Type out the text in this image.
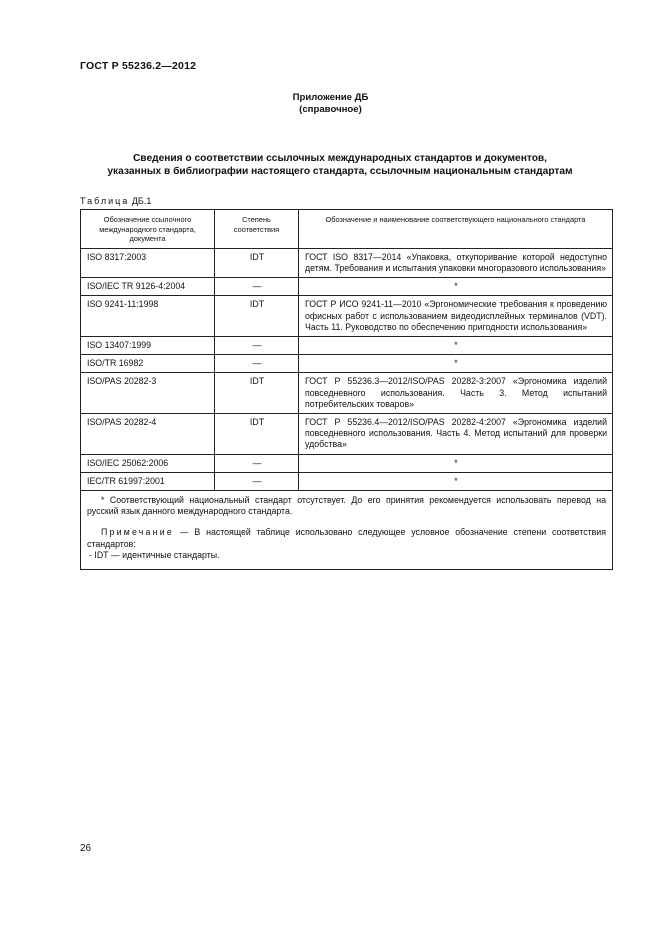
ГОСТ Р 55236.2—2012
Приложение ДБ
(справочное)
Сведения о соответствии ссылочных международных стандартов и документов,
указанных в библиографии настоящего стандарта, ссылочным национальным стандартам
Таблица ДБ.1
Обозначение ссылочного международного стандарта, документа	Степень соответствия	Обозначение и наименование соответствующего национального стандарта
ISO 8317:2003	IDT	ГОСТ ISO 8317—2014 «Упаковка, откупоривание которой недоступно детям. Требования и испытания упаковки многоразового использования»
ISO/IEC TR 9126-4:2004	—	*
ISO 9241-11:1998	IDT	ГОСТ Р ИСО 9241-11—2010 «Эргономические требования к проведению офисных работ с использованием видеодисплейных терминалов (VDT). Часть 11. Руководство по обеспечению пригодности использования»
ISO 13407:1999	—	*
ISO/TR 16982	—	*
ISO/PAS 20282-3	IDT	ГОСТ Р 55236.3—2012/ISO/PAS 20282-3:2007 «Эргономика изделий повседневного использования. Часть 3. Метод испытаний потребительских товаров»
ISO/PAS 20282-4	IDT	ГОСТ Р 55236.4—2012/ISO/PAS 20282-4:2007 «Эргономика изделий повседневного использования. Часть 4. Метод испытаний для проверки удобства»
ISO/IEC 25062:2006	—	*
IEC/TR 61997:2001	—	*

* Соответствующий национальный стандарт отсутствует. До его принятия рекомендуется использовать перевод на русский язык данного международного стандарта.

Примечание — В настоящей таблице использовано следующее условное обозначение степени соответствия стандартов:

- IDT — идентичные стандарты.		

26
